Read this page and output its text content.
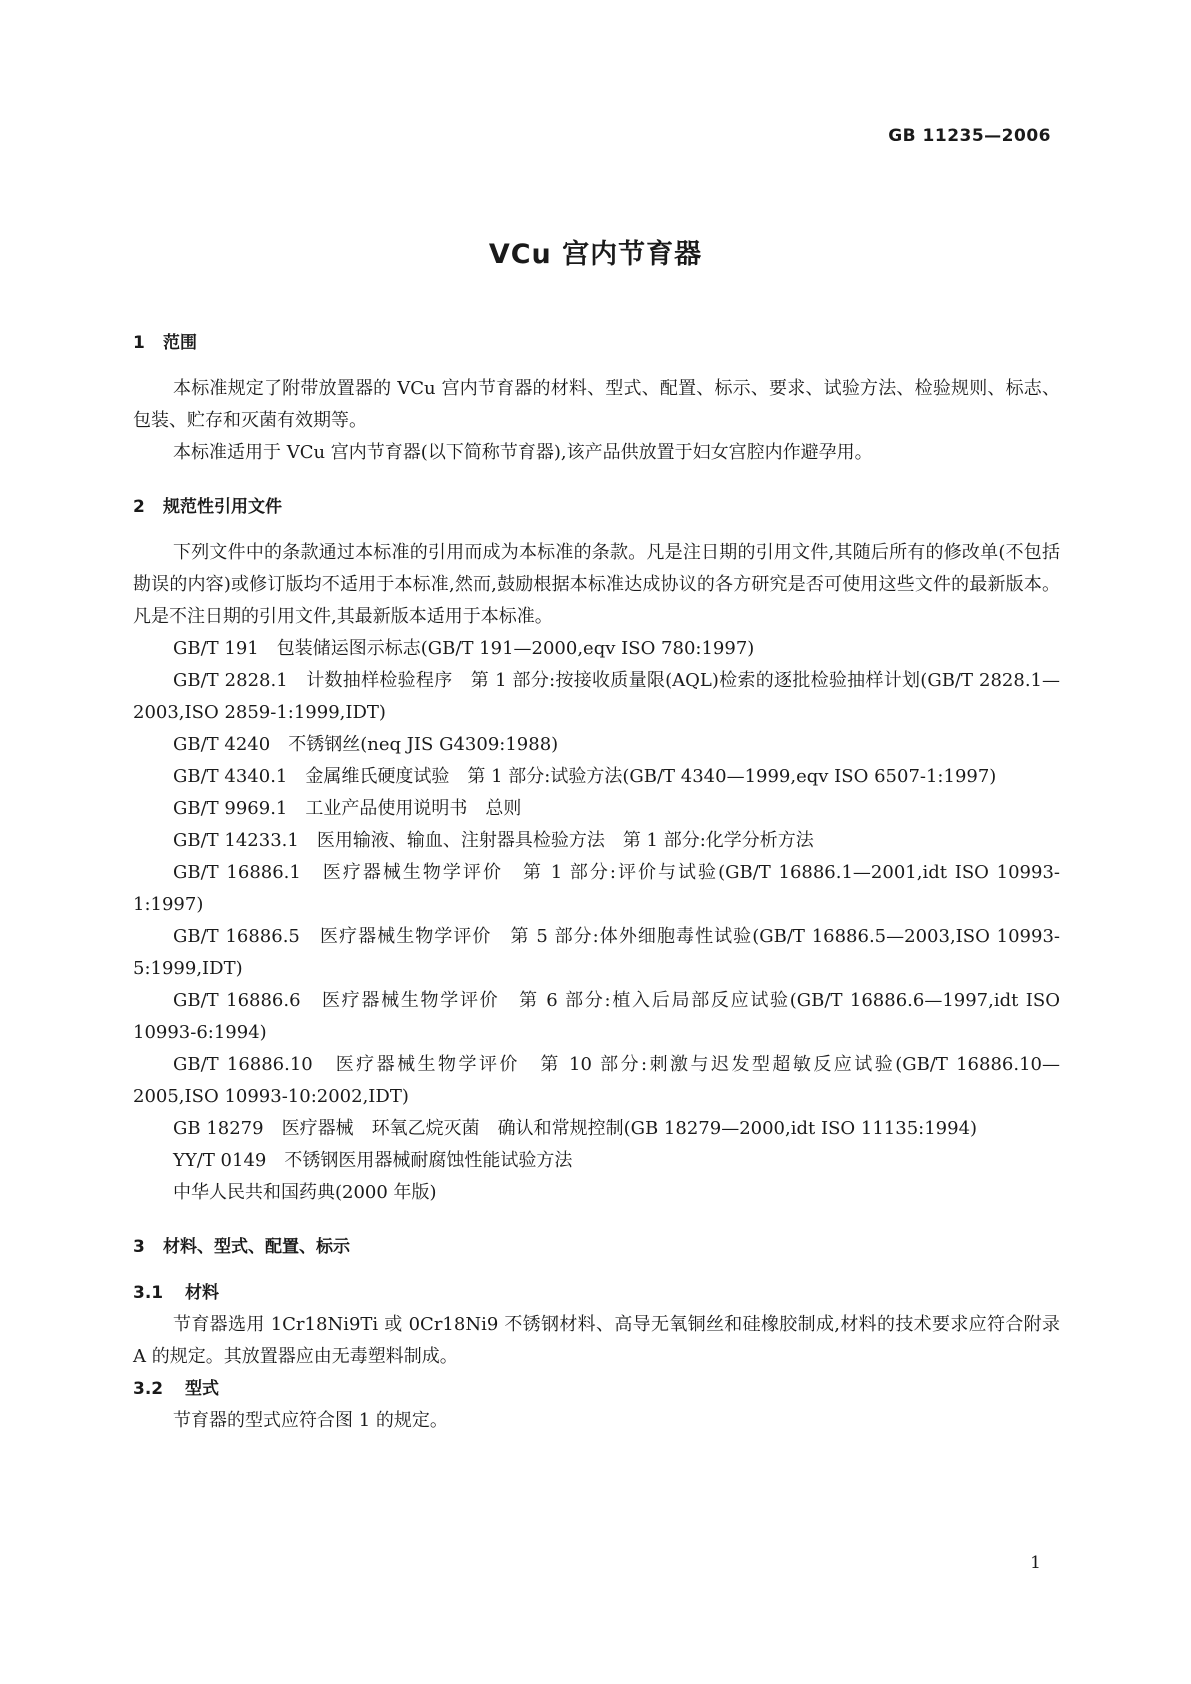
GB 11235—2006
VCu 宫内节育器
1 范围

本标准规定了附带放置器的 VCu 宫内节育器的材料、型式、配置、标示、要求、试验方法、检验规则、标志、包装、贮存和灭菌有效期等。

本标准适用于 VCu 宫内节育器(以下简称节育器),该产品供放置于妇女宫腔内作避孕用。

2 规范性引用文件

下列文件中的条款通过本标准的引用而成为本标准的条款。凡是注日期的引用文件,其随后所有的修改单(不包括勘误的内容)或修订版均不适用于本标准,然而,鼓励根据本标准达成协议的各方研究是否可使用这些文件的最新版本。凡是不注日期的引用文件,其最新版本适用于本标准。

GB/T 191　包装储运图示标志(GB/T 191—2000,eqv ISO 780:1997)

GB/T 2828.1　计数抽样检验程序　第 1 部分:按接收质量限(AQL)检索的逐批检验抽样计划(GB/T 2828.1—2003,ISO 2859-1:1999,IDT)

GB/T 4240　不锈钢丝(neq JIS G4309:1988)

GB/T 4340.1　金属维氏硬度试验　第 1 部分:试验方法(GB/T 4340—1999,eqv ISO 6507-1:1997)

GB/T 9969.1　工业产品使用说明书　总则

GB/T 14233.1　医用输液、输血、注射器具检验方法　第 1 部分:化学分析方法

GB/T 16886.1　医疗器械生物学评价　第 1 部分:评价与试验(GB/T 16886.1—2001,idt ISO 10993-1:1997)

GB/T 16886.5　医疗器械生物学评价　第 5 部分:体外细胞毒性试验(GB/T 16886.5—2003,ISO 10993-5:1999,IDT)

GB/T 16886.6　医疗器械生物学评价　第 6 部分:植入后局部反应试验(GB/T 16886.6—1997,idt ISO 10993-6:1994)

GB/T 16886.10　医疗器械生物学评价　第 10 部分:刺激与迟发型超敏反应试验(GB/T 16886.10—2005,ISO 10993-10:2002,IDT)

GB 18279　医疗器械　环氧乙烷灭菌　确认和常规控制(GB 18279—2000,idt ISO 11135:1994)

YY/T 0149　不锈钢医用器械耐腐蚀性能试验方法

中华人民共和国药典(2000 年版)

3 材料、型式、配置、标示
3.1 材料

节育器选用 1Cr18Ni9Ti 或 0Cr18Ni9 不锈钢材料、高导无氧铜丝和硅橡胶制成,材料的技术要求应符合附录 A 的规定。其放置器应由无毒塑料制成。

3.2 型式

节育器的型式应符合图 1 的规定。

1
